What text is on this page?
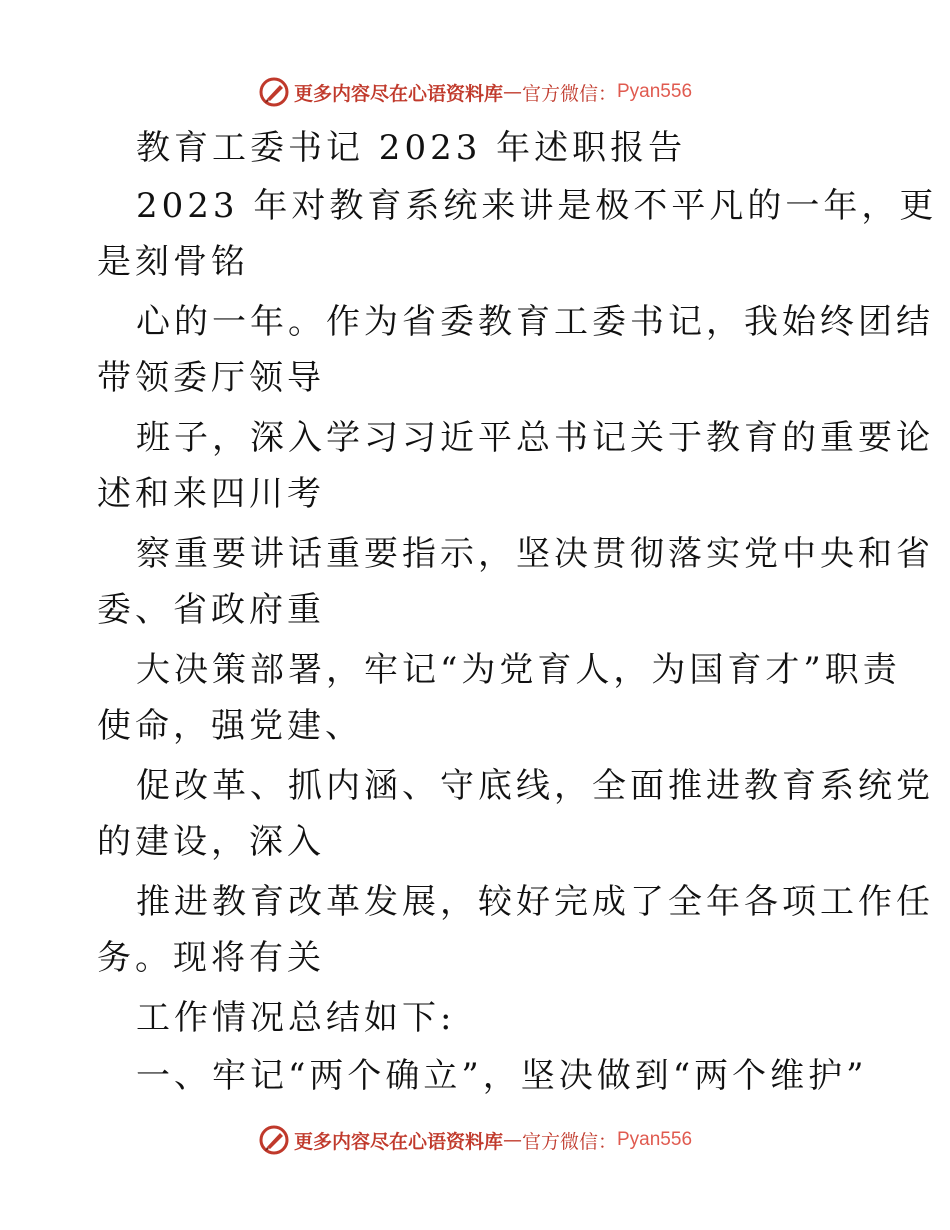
更多内容尽在心语资料库 — 官方微信： Pyan556
教育工委书记 2023 年述职报告
2023 年对教育系统来讲是极不平凡的一年，更
是刻骨铭
心的一年。作为省委教育工委书记，我始终团结
带领委厅领导
班子，深入学习习近平总书记关于教育的重要论
述和来四川考
察重要讲话重要指示，坚决贯彻落实党中央和省
委、省政府重
大决策部署，牢记“为党育人，为国育才”职责
使命，强党建、
促改革、抓内涵、守底线，全面推进教育系统党
的建设，深入
推进教育改革发展，较好完成了全年各项工作任
务。现将有关
工作情况总结如下:
一、牢记“两个确立”，坚决做到“两个维护”
更多内容尽在心语资料库 — 官方微信： Pyan556
